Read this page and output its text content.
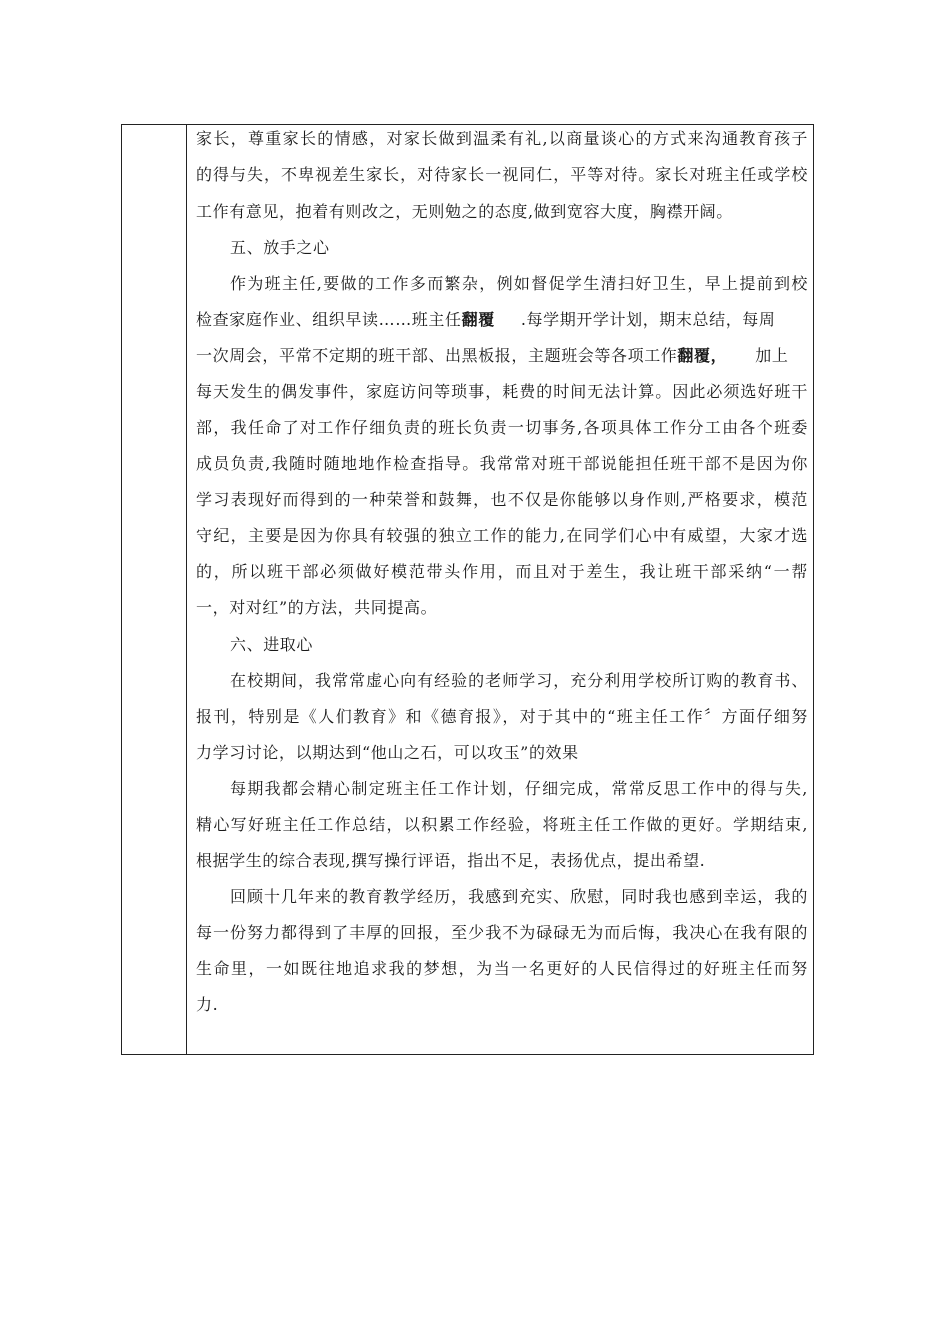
家长，尊重家长的情感，对家长做到温柔有礼,以商量谈心的方式来沟通教育孩子
的得与失，不卑视差生家长，对待家长一视同仁，平等对待。家长对班主任或学校
工作有意见，抱着有则改之，无则勉之的态度,做到宽容大度，胸襟开阔。
五、放手之心
作为班主任,要做的工作多而繁杂，例如督促学生清扫好卫生，早上提前到校
检查家庭作业、组织早读……班主任翻覆 .每学期开学计划，期末总结，每周
一次周会，平常不定期的班干部、出黑板报，主题班会等各项工作翻覆， 加上
每天发生的偶发事件，家庭访问等琐事，耗费的时间无法计算。因此必须选好班干
部，我任命了对工作仔细负责的班长负责一切事务,各项具体工作分工由各个班委
成员负责,我随时随地地作检查指导。我常常对班干部说能担任班干部不是因为你
学习表现好而得到的一种荣誉和鼓舞，也不仅是你能够以身作则,严格要求，模范
守纪，主要是因为你具有较强的独立工作的能力,在同学们心中有威望，大家才选
的，所以班干部必须做好模范带头作用，而且对于差生，我让班干部采纳“一帮
一，对对红”的方法，共同提高。
六、进取心
在校期间，我常常虚心向有经验的老师学习，充分利用学校所订购的教育书、
报刊，特别是《人们教育》和《德育报》，对于其中的“班主任工作〞方面仔细努
力学习讨论，以期达到“他山之石，可以攻玉”的效果
每期我都会精心制定班主任工作计划，仔细完成，常常反思工作中的得与失,
精心写好班主任工作总结，以积累工作经验，将班主任工作做的更好。学期结束,
根据学生的综合表现,撰写操行评语，指出不足，表扬优点，提出希望.
回顾十几年来的教育教学经历，我感到充实、欣慰，同时我也感到幸运，我的
每一份努力都得到了丰厚的回报，至少我不为碌碌无为而后悔，我决心在我有限的
生命里，一如既往地追求我的梦想，为当一名更好的人民信得过的好班主任而努
力.
